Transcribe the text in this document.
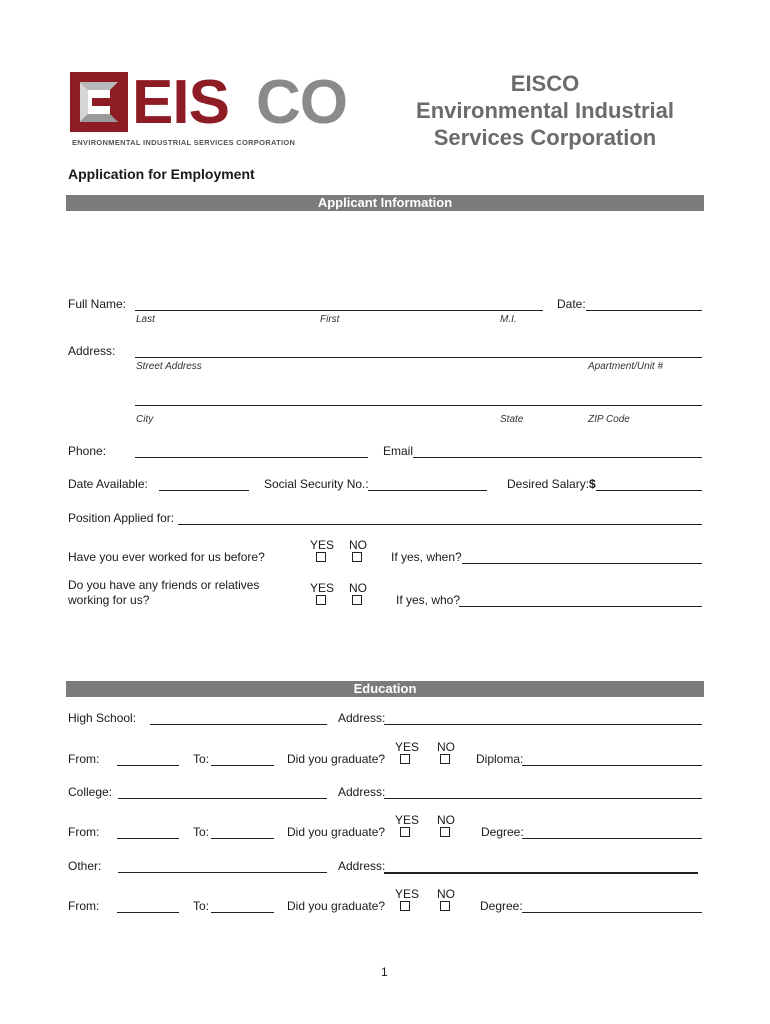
EIS CO
ENVIRONMENTAL INDUSTRIAL SERVICES CORPORATION
EISCO
Environmental Industrial
Services Corporation
Application for Employment
Applicant Information
Full Name:
Last	First	M.I.
Date:
Address:
Street Address	Apartment/Unit #
City	State	ZIP Code
Phone:	Email
Date Available:	Social Security No.:	Desired Salary: $
Position Applied for:
Have you ever worked for us before?
YES NO
If yes, when?
Do you have any friends or relatives
working for us?
YES NO
If yes, who?
Education
High School:	Address:
From:	To:	Did you graduate?
YES NO
Diploma:
College:	Address:
From:	To:	Did you graduate?
YES NO
Degree:
Other:	Address:
From:	To:	Did you graduate?
YES NO
Degree:
1
